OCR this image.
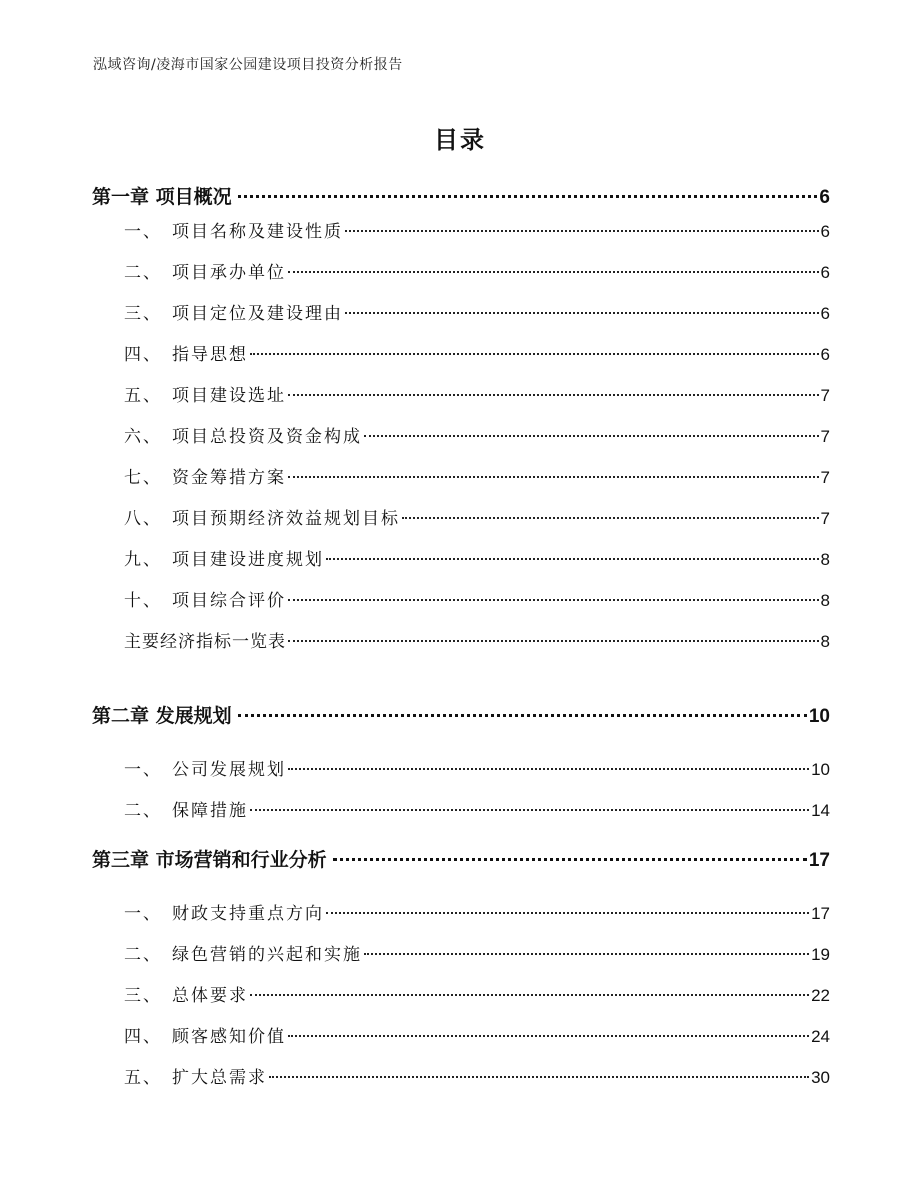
泓域咨询/凌海市国家公园建设项目投资分析报告
目录
第一章 项目概况	6
一、 项目名称及建设性质	6
二、 项目承办单位	6
三、 项目定位及建设理由	6
四、 指导思想	6
五、 项目建设选址	7
六、 项目总投资及资金构成	7
七、 资金筹措方案	7
八、 项目预期经济效益规划目标	7
九、 项目建设进度规划	8
十、 项目综合评价	8
主要经济指标一览表	8
第二章 发展规划	10
一、 公司发展规划	10
二、 保障措施	14
第三章 市场营销和行业分析	17
一、 财政支持重点方向	17
二、 绿色营销的兴起和实施	19
三、 总体要求	22
四、 顾客感知价值	24
五、 扩大总需求	30
